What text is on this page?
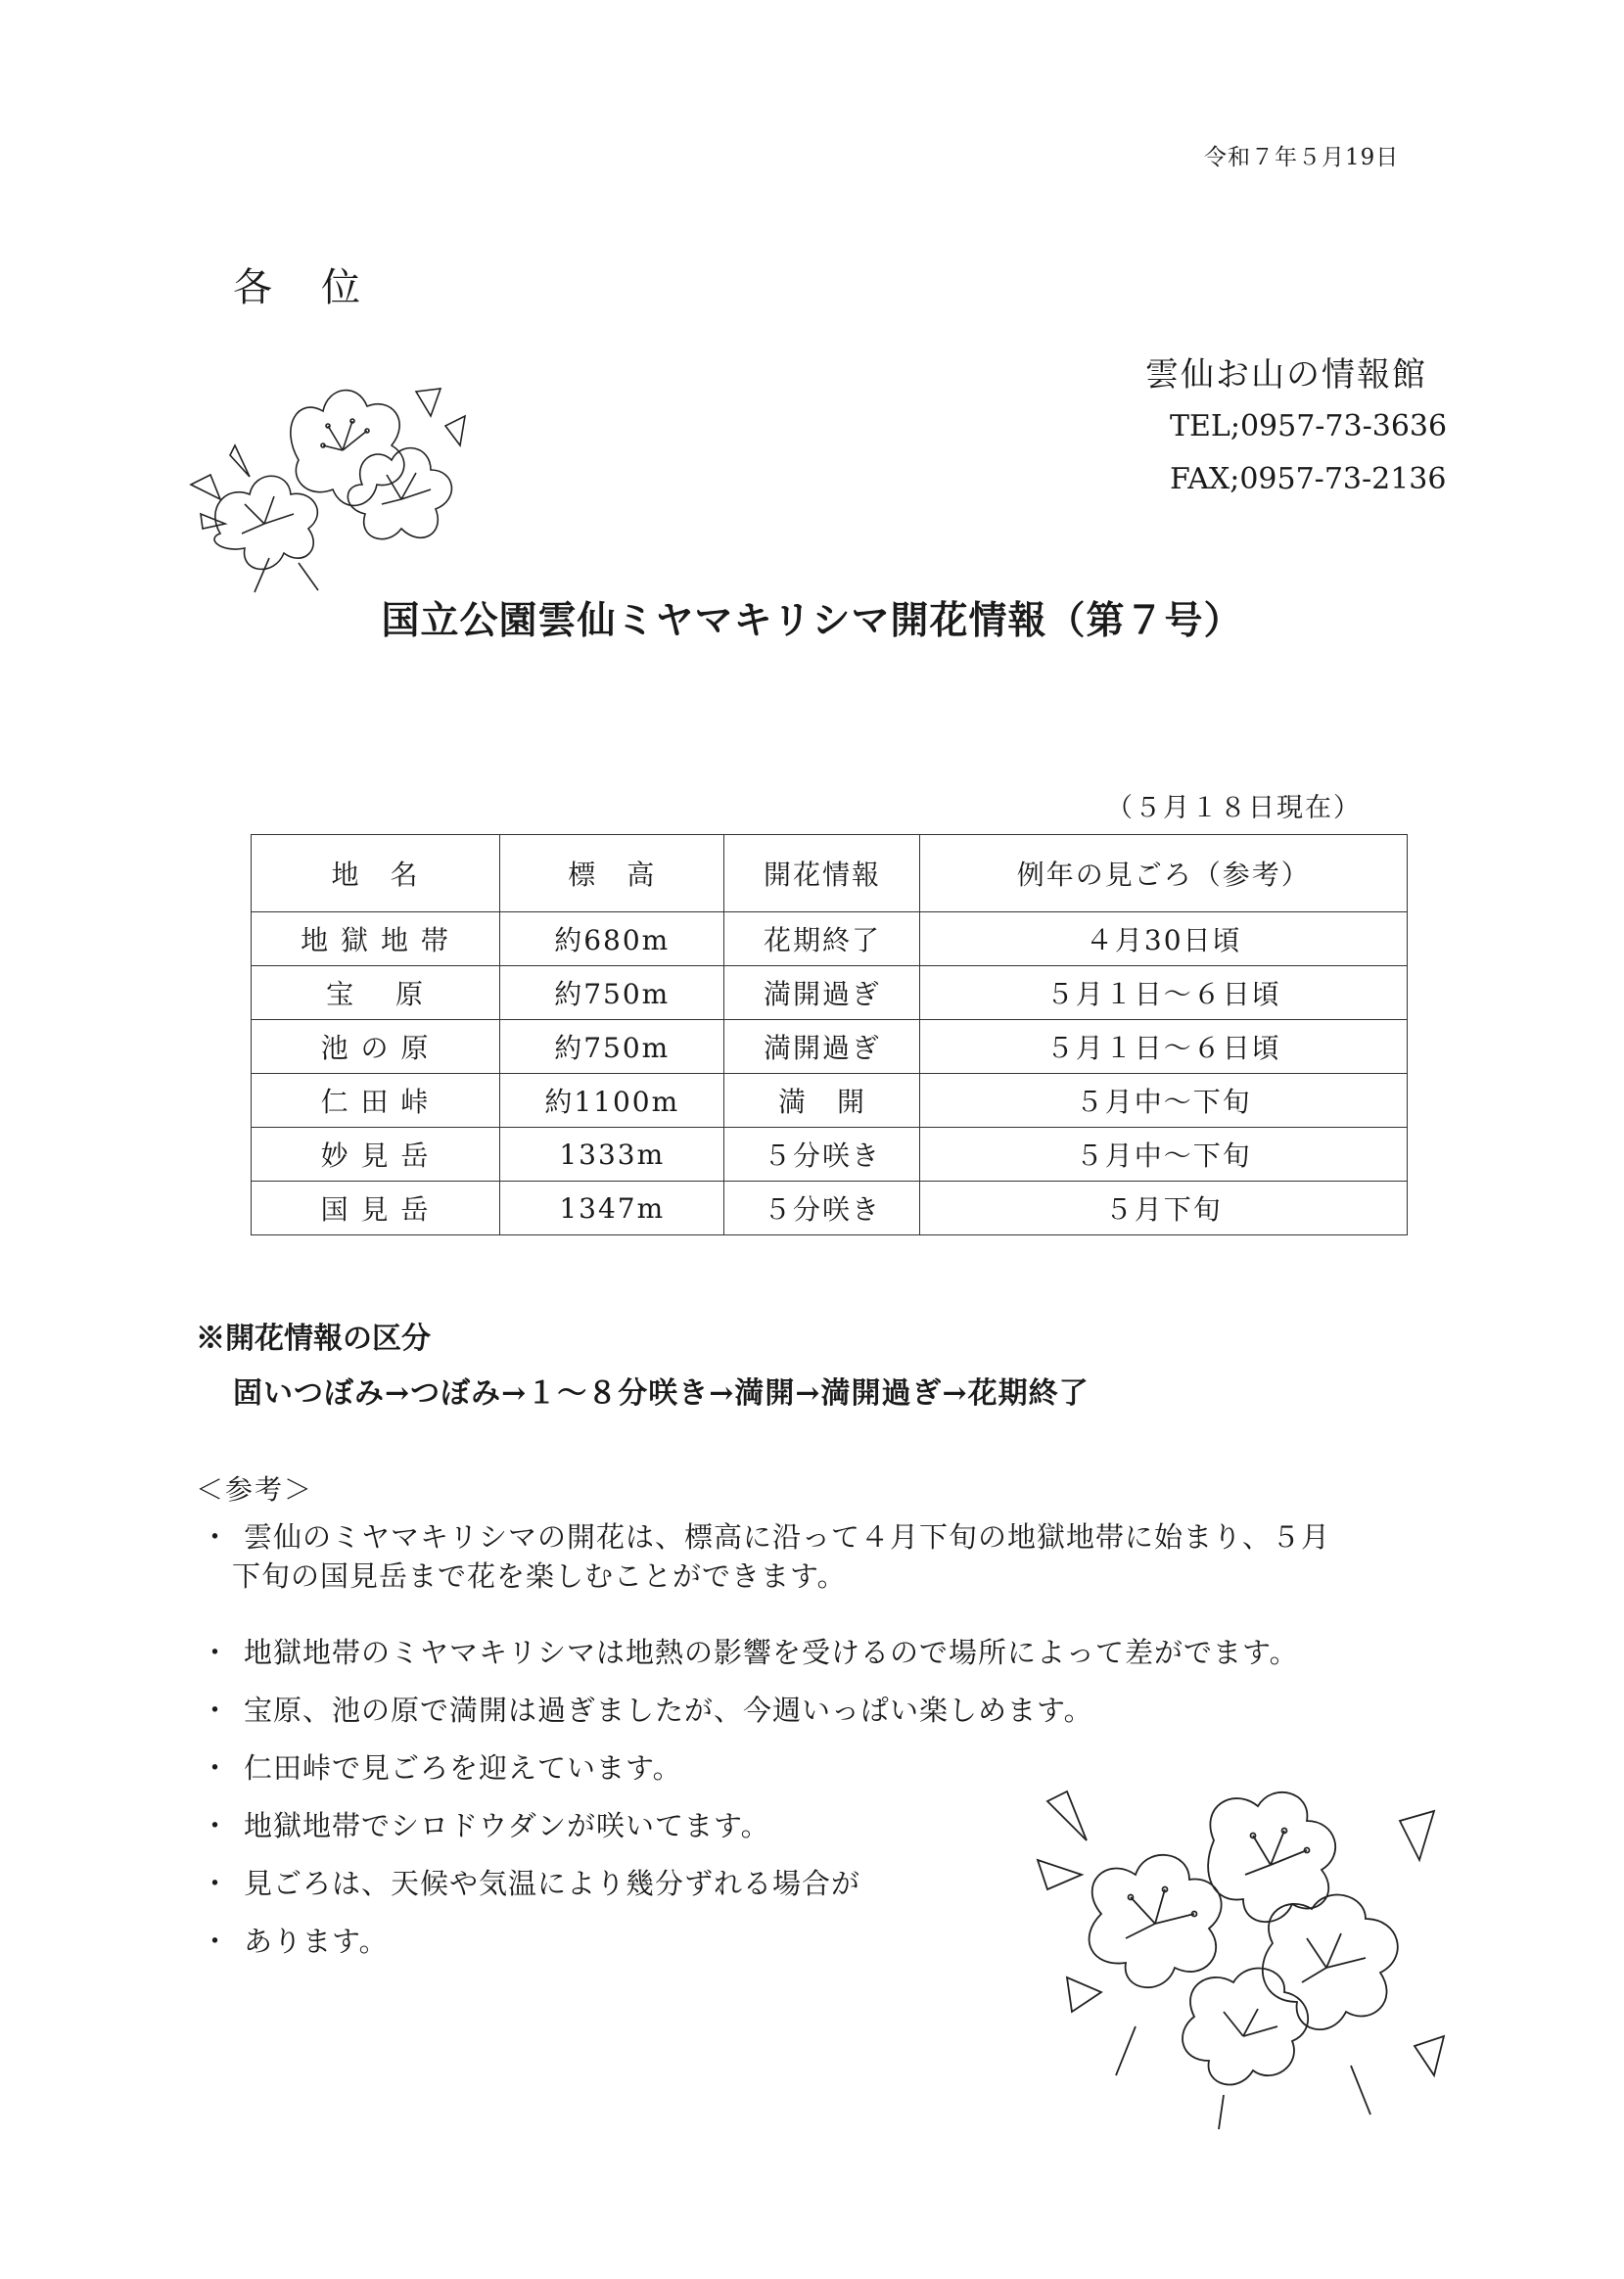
令和７年５月19日
各位
雲仙お山の情報館
TEL;0957-73-3636
FAX;0957-73-2136
国立公園雲仙ミヤマキリシマ開花情報（第７号）
（５月１８日現在）
地　名	標　高	開花情報	例年の見ごろ（参考）
地 獄 地 帯	約680m	花期終了	４月30日頃
宝　 原	約750m	満開過ぎ	５月１日～６日頃
池 の 原	約750m	満開過ぎ	５月１日～６日頃
仁 田 峠	約1100m	満　開	５月中～下旬
妙 見 岳	1333m	５分咲き	５月中～下旬
国 見 岳	1347m	５分咲き	５月下旬
※開花情報の区分
固いつぼみ→つぼみ→１～８分咲き→満開→満開過ぎ→花期終了
＜参考＞
・ 雲仙のミヤマキリシマの開花は、標高に沿って４月下旬の地獄地帯に始まり、５月
下旬の国見岳まで花を楽しむことができます。
・ 地獄地帯のミヤマキリシマは地熱の影響を受けるので場所によって差がでます。
・ 宝原、池の原で満開は過ぎましたが、今週いっぱい楽しめます。
・ 仁田峠で見ごろを迎えています。
・ 地獄地帯でシロドウダンが咲いてます。
・ 見ごろは、天候や気温により幾分ずれる場合が
・ あります。
